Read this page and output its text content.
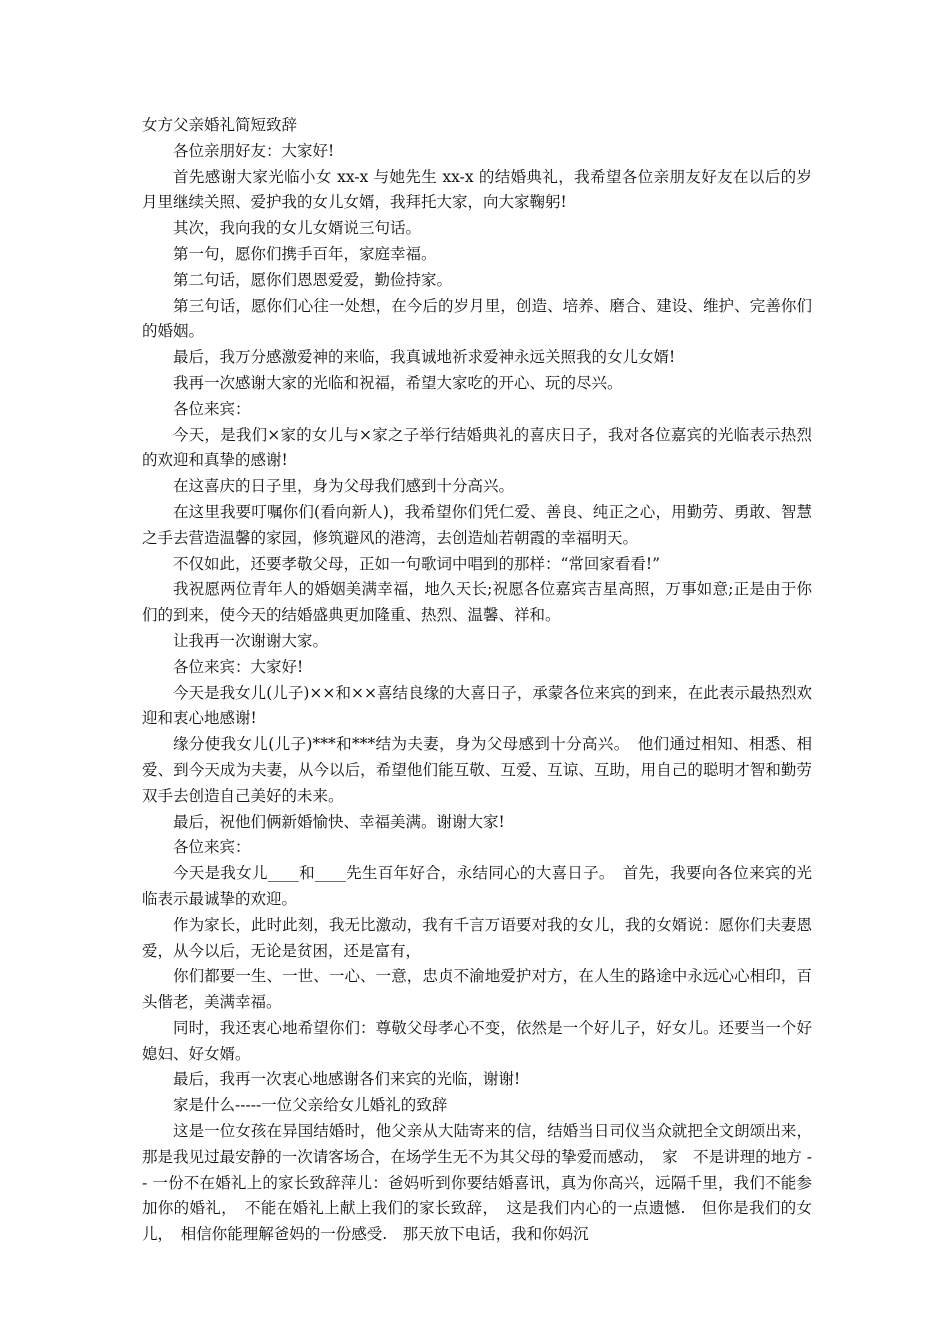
女方父亲婚礼简短致辞

各位亲朋好友：大家好!

首先感谢大家光临小女 xx-x 与她先生 xx-x 的结婚典礼，我希望各位亲朋友好友在以后的岁月里继续关照、爱护我的女儿女婿，我拜托大家，向大家鞠躬!

其次，我向我的女儿女婿说三句话。

第一句，愿你们携手百年，家庭幸福。

第二句话，愿你们恩恩爱爱，勤俭持家。

第三句话，愿你们心往一处想，在今后的岁月里，创造、培养、磨合、建设、维护、完善你们的婚姻。

最后，我万分感激爱神的来临，我真诚地祈求爱神永远关照我的女儿女婿!

我再一次感谢大家的光临和祝福，希望大家吃的开心、玩的尽兴。

各位来宾：

今天，是我们×家的女儿与×家之子举行结婚典礼的喜庆日子，我对各位嘉宾的光临表示热烈的欢迎和真挚的感谢!

在这喜庆的日子里，身为父母我们感到十分高兴。

在这里我要叮嘱你们(看向新人)，我希望你们凭仁爱、善良、纯正之心，用勤劳、勇敢、智慧之手去营造温馨的家园，修筑避风的港湾，去创造灿若朝霞的幸福明天。

不仅如此，还要孝敬父母，正如一句歌词中唱到的那样：“常回家看看!”

我祝愿两位青年人的婚姻美满幸福，地久天长;祝愿各位嘉宾吉星高照，万事如意;正是由于你们的到来，使今天的结婚盛典更加隆重、热烈、温馨、祥和。

让我再一次谢谢大家。

各位来宾：大家好!

今天是我女儿(儿子)××和××喜结良缘的大喜日子，承蒙各位来宾的到来，在此表示最热烈欢迎和衷心地感谢!

缘分使我女儿(儿子)***和***结为夫妻，身为父母感到十分高兴。　他们通过相知、相悉、相爱、到今天成为夫妻，从今以后，希望他们能互敬、互爱、互谅、互助，用自己的聪明才智和勤劳双手去创造自己美好的未来。

最后，祝他们俩新婚愉快、幸福美满。谢谢大家!

各位来宾：

今天是我女儿____和____先生百年好合，永结同心的大喜日子。　首先，我要向各位来宾的光临表示最诚挚的欢迎。

作为家长，此时此刻，我无比激动，我有千言万语要对我的女儿，我的女婿说：愿你们夫妻恩爱，从今以后，无论是贫困，还是富有，

你们都要一生、一世、一心、一意，忠贞不渝地爱护对方，在人生的路途中永远心心相印，百头偕老，美满幸福。

同时，我还衷心地希望你们：尊敬父母孝心不变，依然是一个好儿子，好女儿。还要当一个好媳妇、好女婿。

最后，我再一次衷心地感谢各们来宾的光临，谢谢!

家是什么-----一位父亲给女儿婚礼的致辞

这是一位女孩在异国结婚时，他父亲从大陆寄来的信，结婚当日司仪当众就把全文朗颂出来，那是我见过最安静的一次请客场合，在场学生无不为其父母的挚爱而感动，　家　不是讲理的地方 -- 一份不在婚礼上的家长致辞萍儿：爸妈听到你要结婚喜讯，真为你高兴，远隔千里，我们不能参加你的婚礼，　不能在婚礼上献上我们的家长致辞，　这是我们内心的一点遗憾.　但你是我们的女儿，　相信你能理解爸妈的一份感受.　那天放下电话，我和你妈沉
